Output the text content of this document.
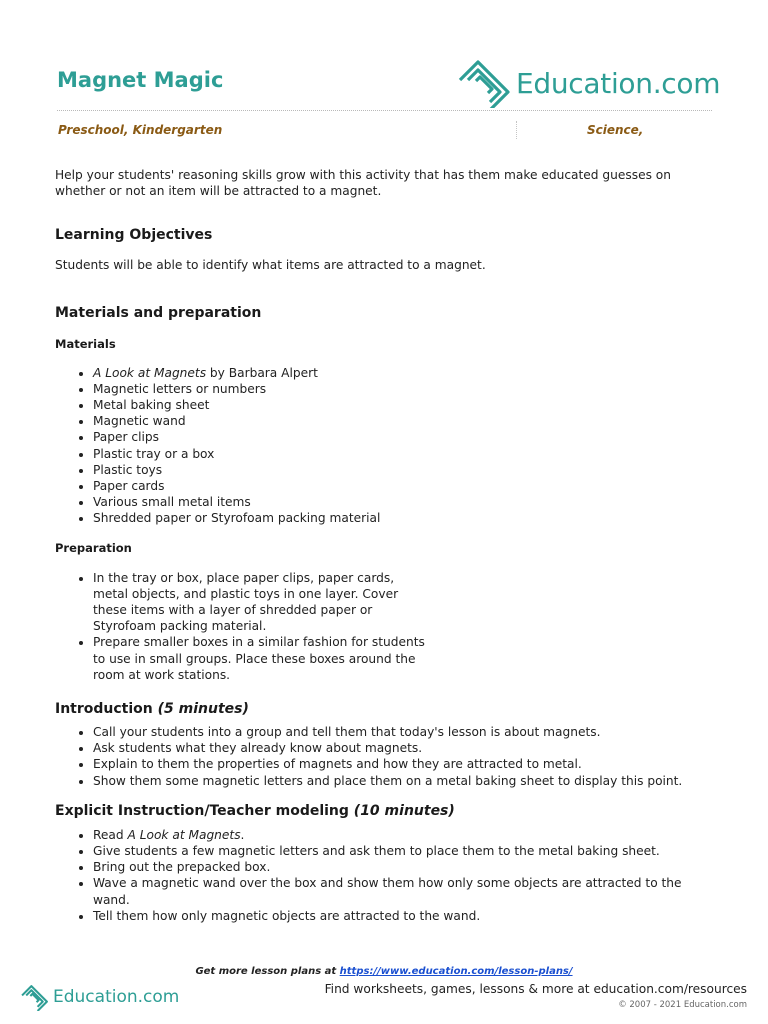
Magnet Magic	Education.com
Preschool, Kindergarten	Science,

Help your students' reasoning skills grow with this activity that has them make educated guesses on whether or not an item will be attracted to a magnet.

Learning Objectives

Students will be able to identify what items are attracted to a magnet.

Materials and preparation
Materials
• A Look at Magnets by Barbara Alpert
• Magnetic letters or numbers
• Metal baking sheet
• Magnetic wand
• Paper clips
• Plastic tray or a box
• Plastic toys
• Paper cards
• Various small metal items
• Shredded paper or Styrofoam packing material
Preparation
• In the tray or box, place paper clips, paper cards, metal objects, and plastic toys in one layer. Cover these items with a layer of shredded paper or Styrofoam packing material.
• Prepare smaller boxes in a similar fashion for students to use in small groups. Place these boxes around the room at work stations.
Introduction (5 minutes)
• Call your students into a group and tell them that today's lesson is about magnets.
• Ask students what they already know about magnets.
• Explain to them the properties of magnets and how they are attracted to metal.
• Show them some magnetic letters and place them on a metal baking sheet to display this point.
Explicit Instruction/Teacher modeling (10 minutes)
• Read A Look at Magnets.
• Give students a few magnetic letters and ask them to place them to the metal baking sheet.
• Bring out the prepacked box.
• Wave a magnetic wand over the box and show them how only some objects are attracted to the wand.
• Tell them how only magnetic objects are attracted to the wand.
Get more lesson plans at https://www.education.com/lesson-plans/
Education.com	Find worksheets, games, lessons & more at education.com/resources
© 2007 - 2021 Education.com
